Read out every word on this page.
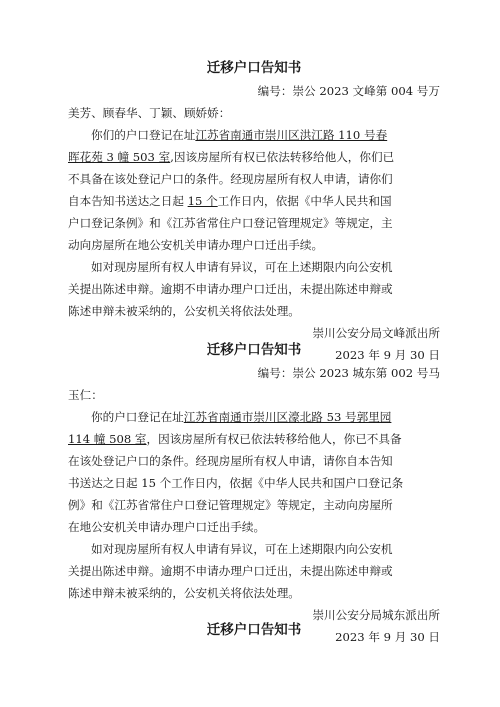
迁移户口告知书
编号：崇公 2023 文峰第 004 号万
美芳、顾春华、丁颖、顾娇娇：
你们的户口登记在址江苏省南通市崇川区洪江路 110 号春
晖花苑 3 幢 503 室,因该房屋所有权已依法转移给他人，你们已
不具备在该处登记户口的条件。经现房屋所有权人申请，请你们
自本告知书送达之日起 15 个工作日内，依据《中华人民共和国
户口登记条例》和《江苏省常住户口登记管理规定》等规定，主
动向房屋所在地公安机关申请办理户口迁出手续。
如对现房屋所有权人申请有异议，可在上述期限内向公安机
关提出陈述申辩。逾期不申请办理户口迁出，未提出陈述申辩或
陈述申辩未被采纳的，公安机关将依法处理。
崇川公安分局文峰派出所
2023 年 9 月 30 日
迁移户口告知书
编号：崇公 2023 城东第 002 号马
玉仁：
你的户口登记在址江苏省南通市崇川区濠北路 53 号郭里园
114 幢 508 室，因该房屋所有权已依法转移给他人，你已不具备
在该处登记户口的条件。经现房屋所有权人申请，请你自本告知
书送达之日起 15 个工作日内，依据《中华人民共和国户口登记条
例》和《江苏省常住户口登记管理规定》等规定，主动向房屋所
在地公安机关申请办理户口迁出手续。
如对现房屋所有权人申请有异议，可在上述期限内向公安机
关提出陈述申辩。逾期不申请办理户口迁出，未提出陈述申辩或
陈述申辩未被采纳的，公安机关将依法处理。
崇川公安分局城东派出所
2023 年 9 月 30 日
迁移户口告知书
